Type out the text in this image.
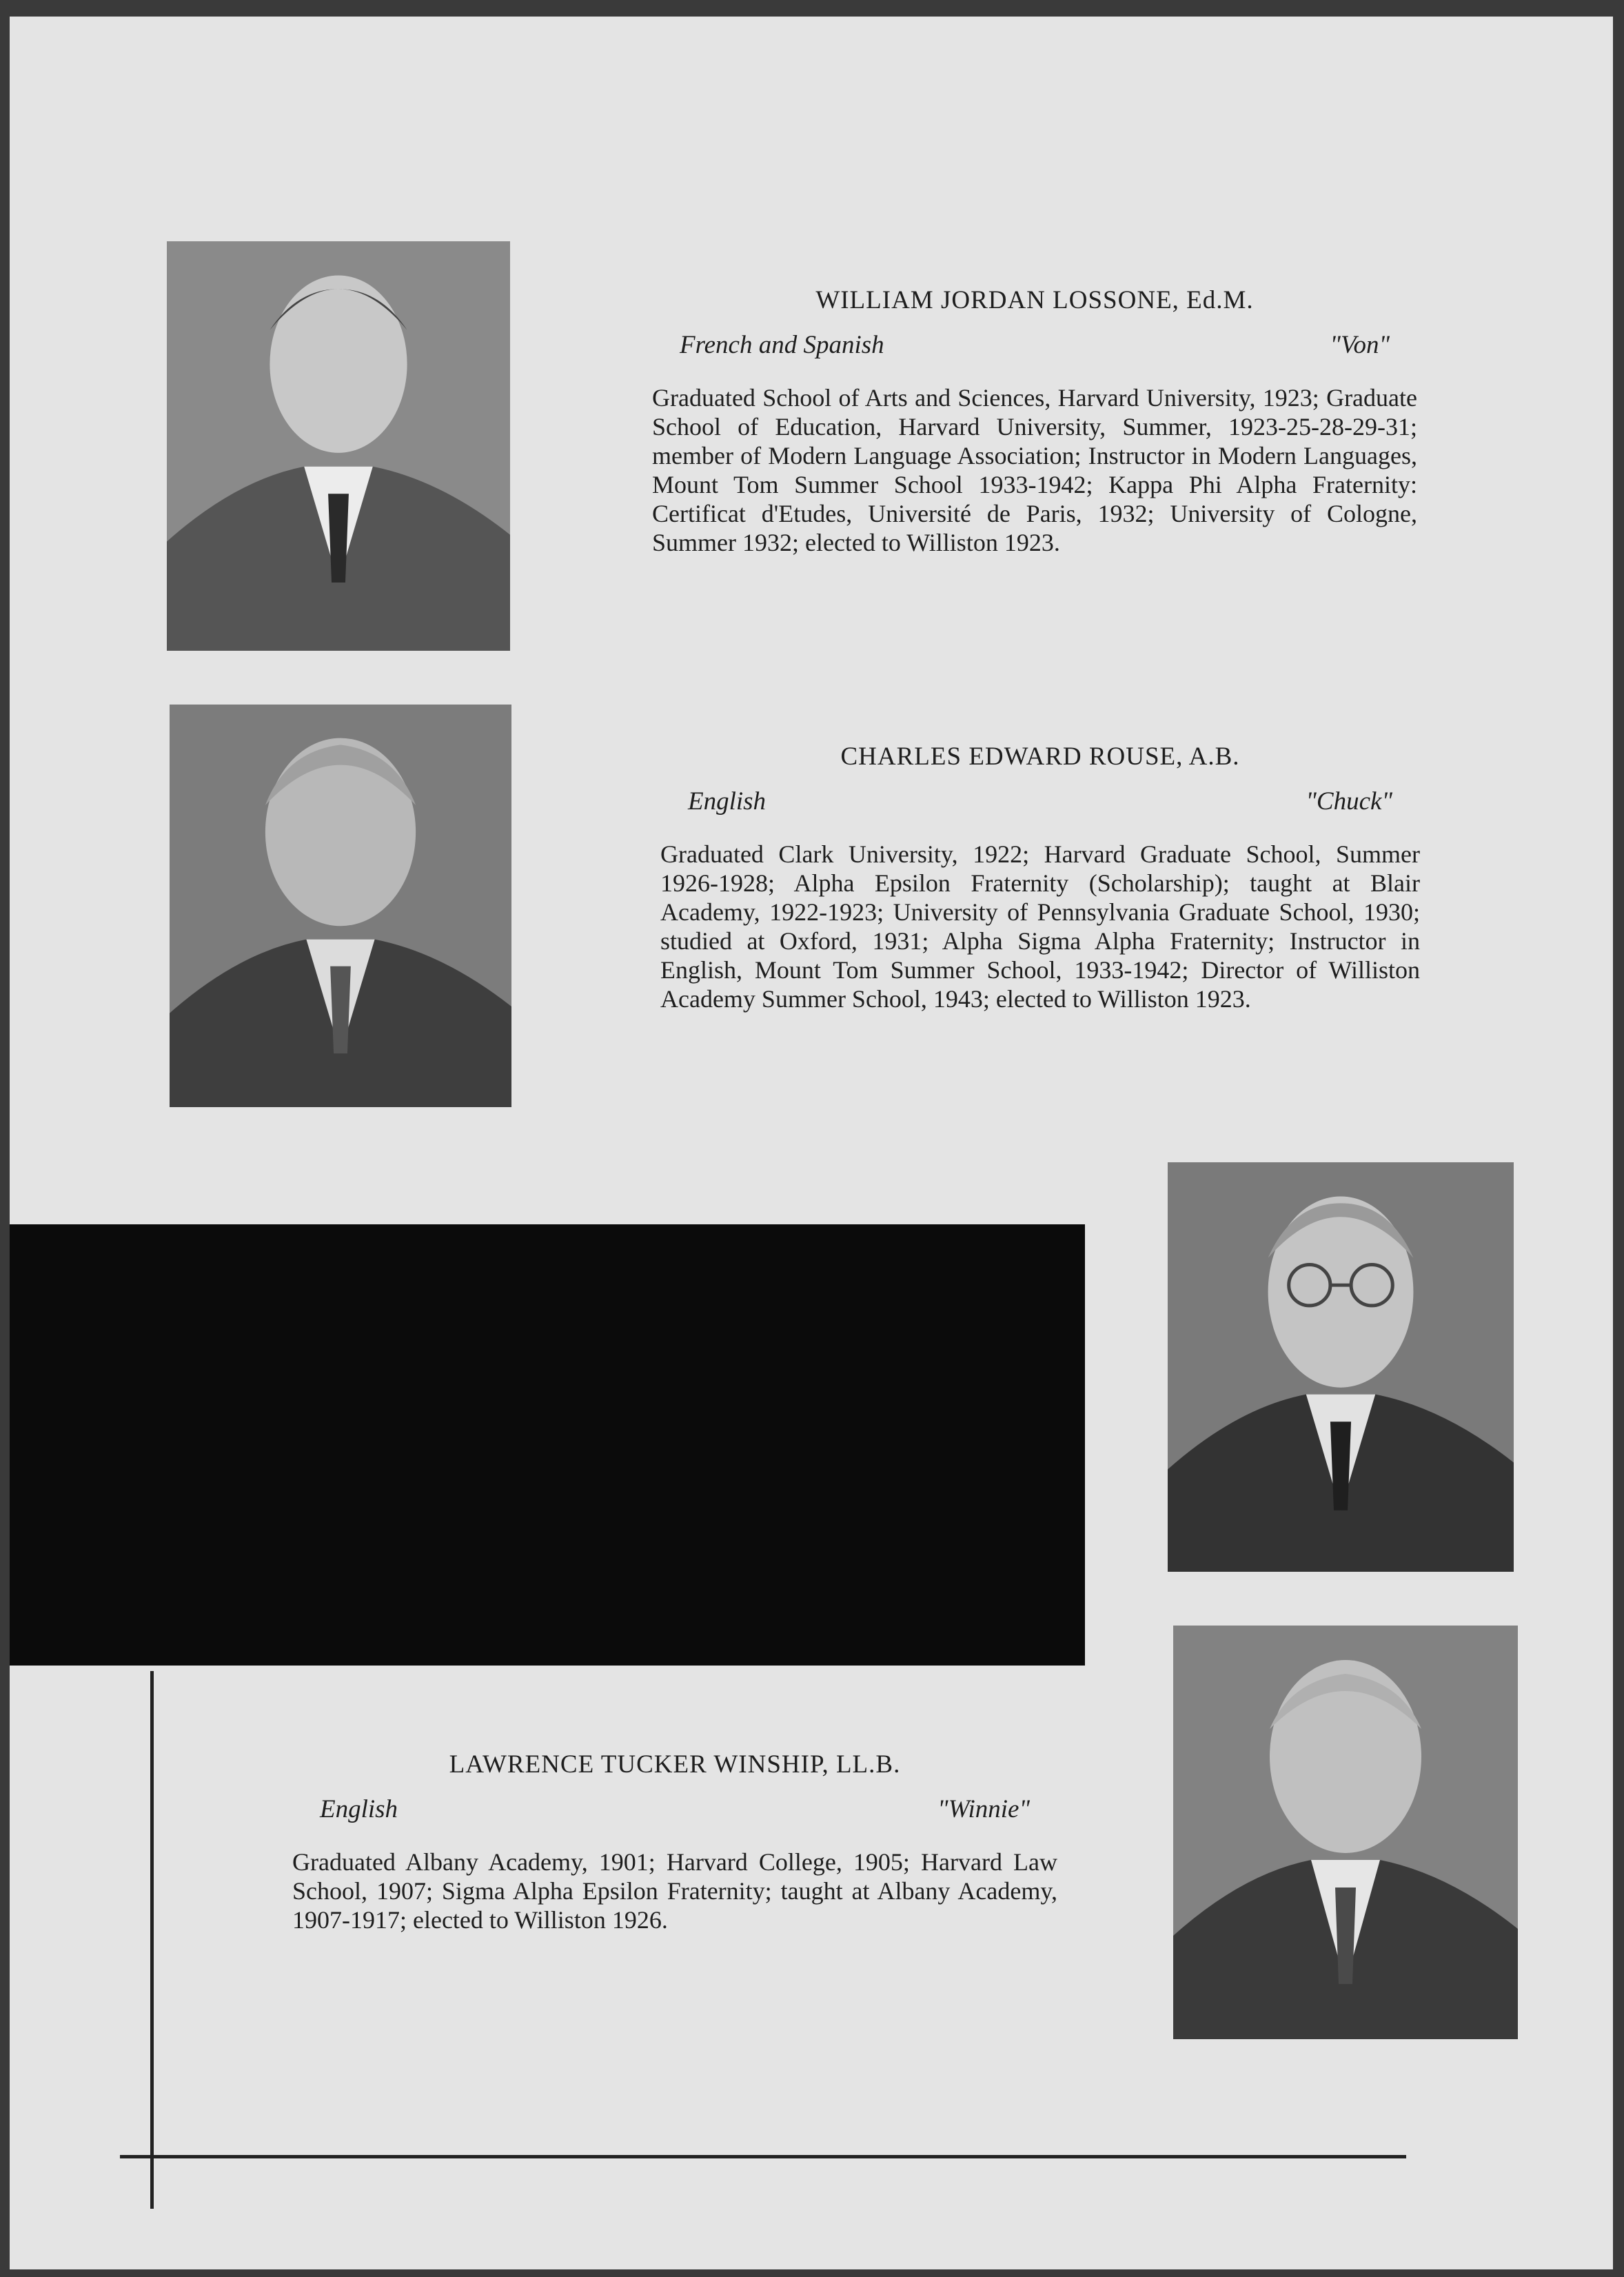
WILLIAM JORDAN LOSSONE, Ed.M.
French and Spanish	"Von"

Graduated School of Arts and Sciences, Harvard University, 1923; Graduate School of Education, Harvard University, Summer, 1923-25-28-29-31; member of Modern Language Association; Instructor in Modern Languages, Mount Tom Summer School 1933-1942; Kappa Phi Alpha Fraternity: Certificat d'Etudes, Université de Paris, 1932; University of Cologne, Summer 1932; elected to Williston 1923.

CHARLES EDWARD ROUSE, A.B.
English	"Chuck"

Graduated Clark University, 1922; Harvard Graduate School, Summer 1926-1928; Alpha Epsilon Fraternity (Scholarship); taught at Blair Academy, 1922-1923; University of Pennsylvania Graduate School, 1930; studied at Oxford, 1931; Alpha Sigma Alpha Fraternity; Instructor in English, Mount Tom Summer School, 1933-1942; Director of Williston Academy Summer School, 1943; elected to Williston 1923.

LAWRENCE TUCKER WINSHIP, LL.B.
English	"Winnie"

Graduated Albany Academy, 1901; Harvard College, 1905; Harvard Law School, 1907; Sigma Alpha Epsilon Fraternity; taught at Albany Academy, 1907-1917; elected to Williston 1926.
